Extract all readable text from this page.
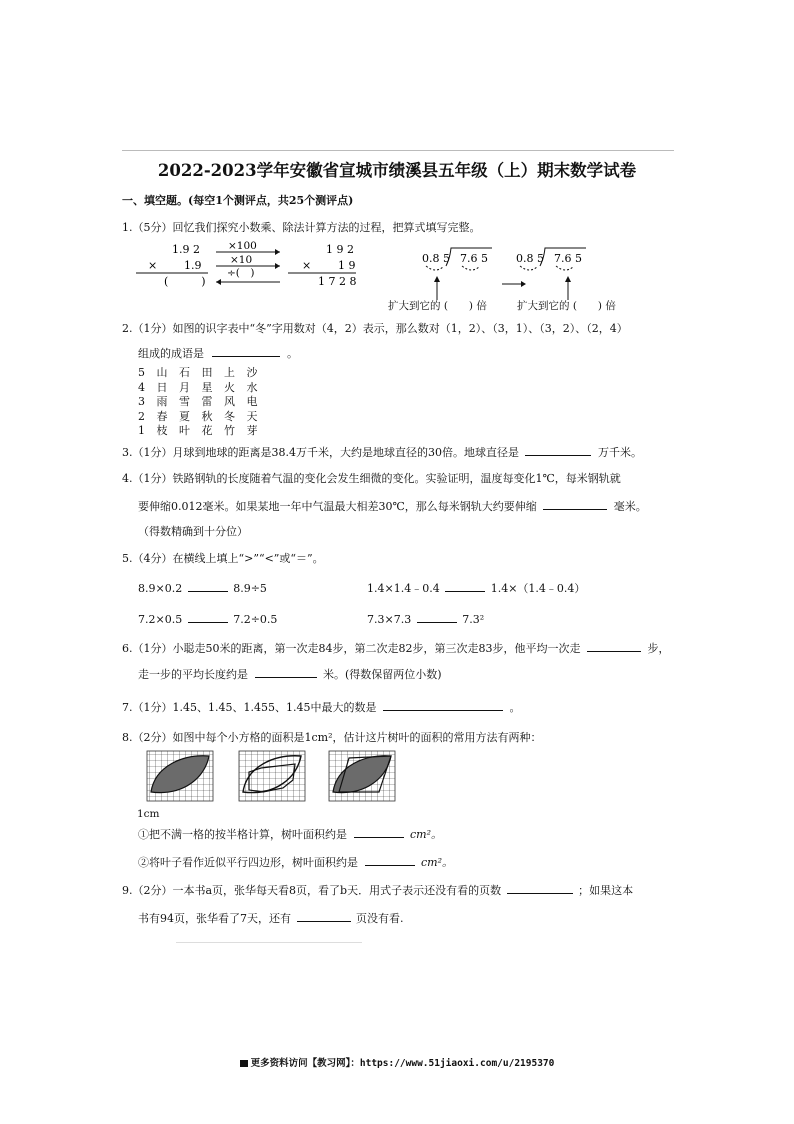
2022-2023学年安徽省宣城市绩溪县五年级（上）期末数学试卷
一、填空题。(每空1个测评点，共25个测评点)
1.（5分）回忆我们探究小数乘、除法计算方法的过程，把算式填写完整。
1.9 2
× 1.9
(　　　)
×100
×10
÷(　)
1 9 2
× 1 9
1 7 2 8
0.8 5 7.6 5	0.8 5 7.6 5
扩大到它的 (　　) 倍	扩大到它的 (　　) 倍
2.（1分）如图的识字表中“冬”字用数对（4，2）表示，那么数对（1，2）、（3，1）、（3，2）、（2，4）
组成的成语是	。
5 山 石 田 上 沙
4 日 月 星 火 水
3 雨 雪 雷 风 电
2 春 夏 秋 冬 天
1 枝 叶 花 竹 芽
3.（1分）月球到地球的距离是38.4万千米，大约是地球直径的30倍。地球直径是	万千米。
4.（1分）铁路钢轨的长度随着气温的变化会发生细微的变化。实验证明，温度每变化1℃，每米钢轨就
要伸缩0.012毫米。如果某地一年中气温最大相差30℃，那么每米钢轨大约要伸缩	毫米。
（得数精确到十分位）
5.（4分）在横线上填上“>”“<”或“＝”。
8.9×0.2	8.9÷5	1.4×1.4﹣0.4	1.4×（1.4﹣0.4）
7.2×0.5	7.2÷0.5	7.3×7.3	7.3²
6.（1分）小聪走50米的距离，第一次走84步，第二次走82步，第三次走83步，他平均一次走	步，
走一步的平均长度约是	米。(得数保留两位小数)
7.（1分）1.45、1.45、1.455、1.45中最大的数是	。
8.（2分）如图中每个小方格的面积是1cm²，估计这片树叶的面积的常用方法有两种：
1cm
①把不满一格的按半格计算，树叶面积约是	cm²。
②将叶子看作近似平行四边形，树叶面积约是	cm²。
9.（2分）一本书a页，张华每天看8页，看了b天．用式子表示还没有看的页数	；如果这本
书有94页，张华看了7天，还有	页没有看.
更多资料访问【教习网】：https://www.51jiaoxi.com/u/2195370
